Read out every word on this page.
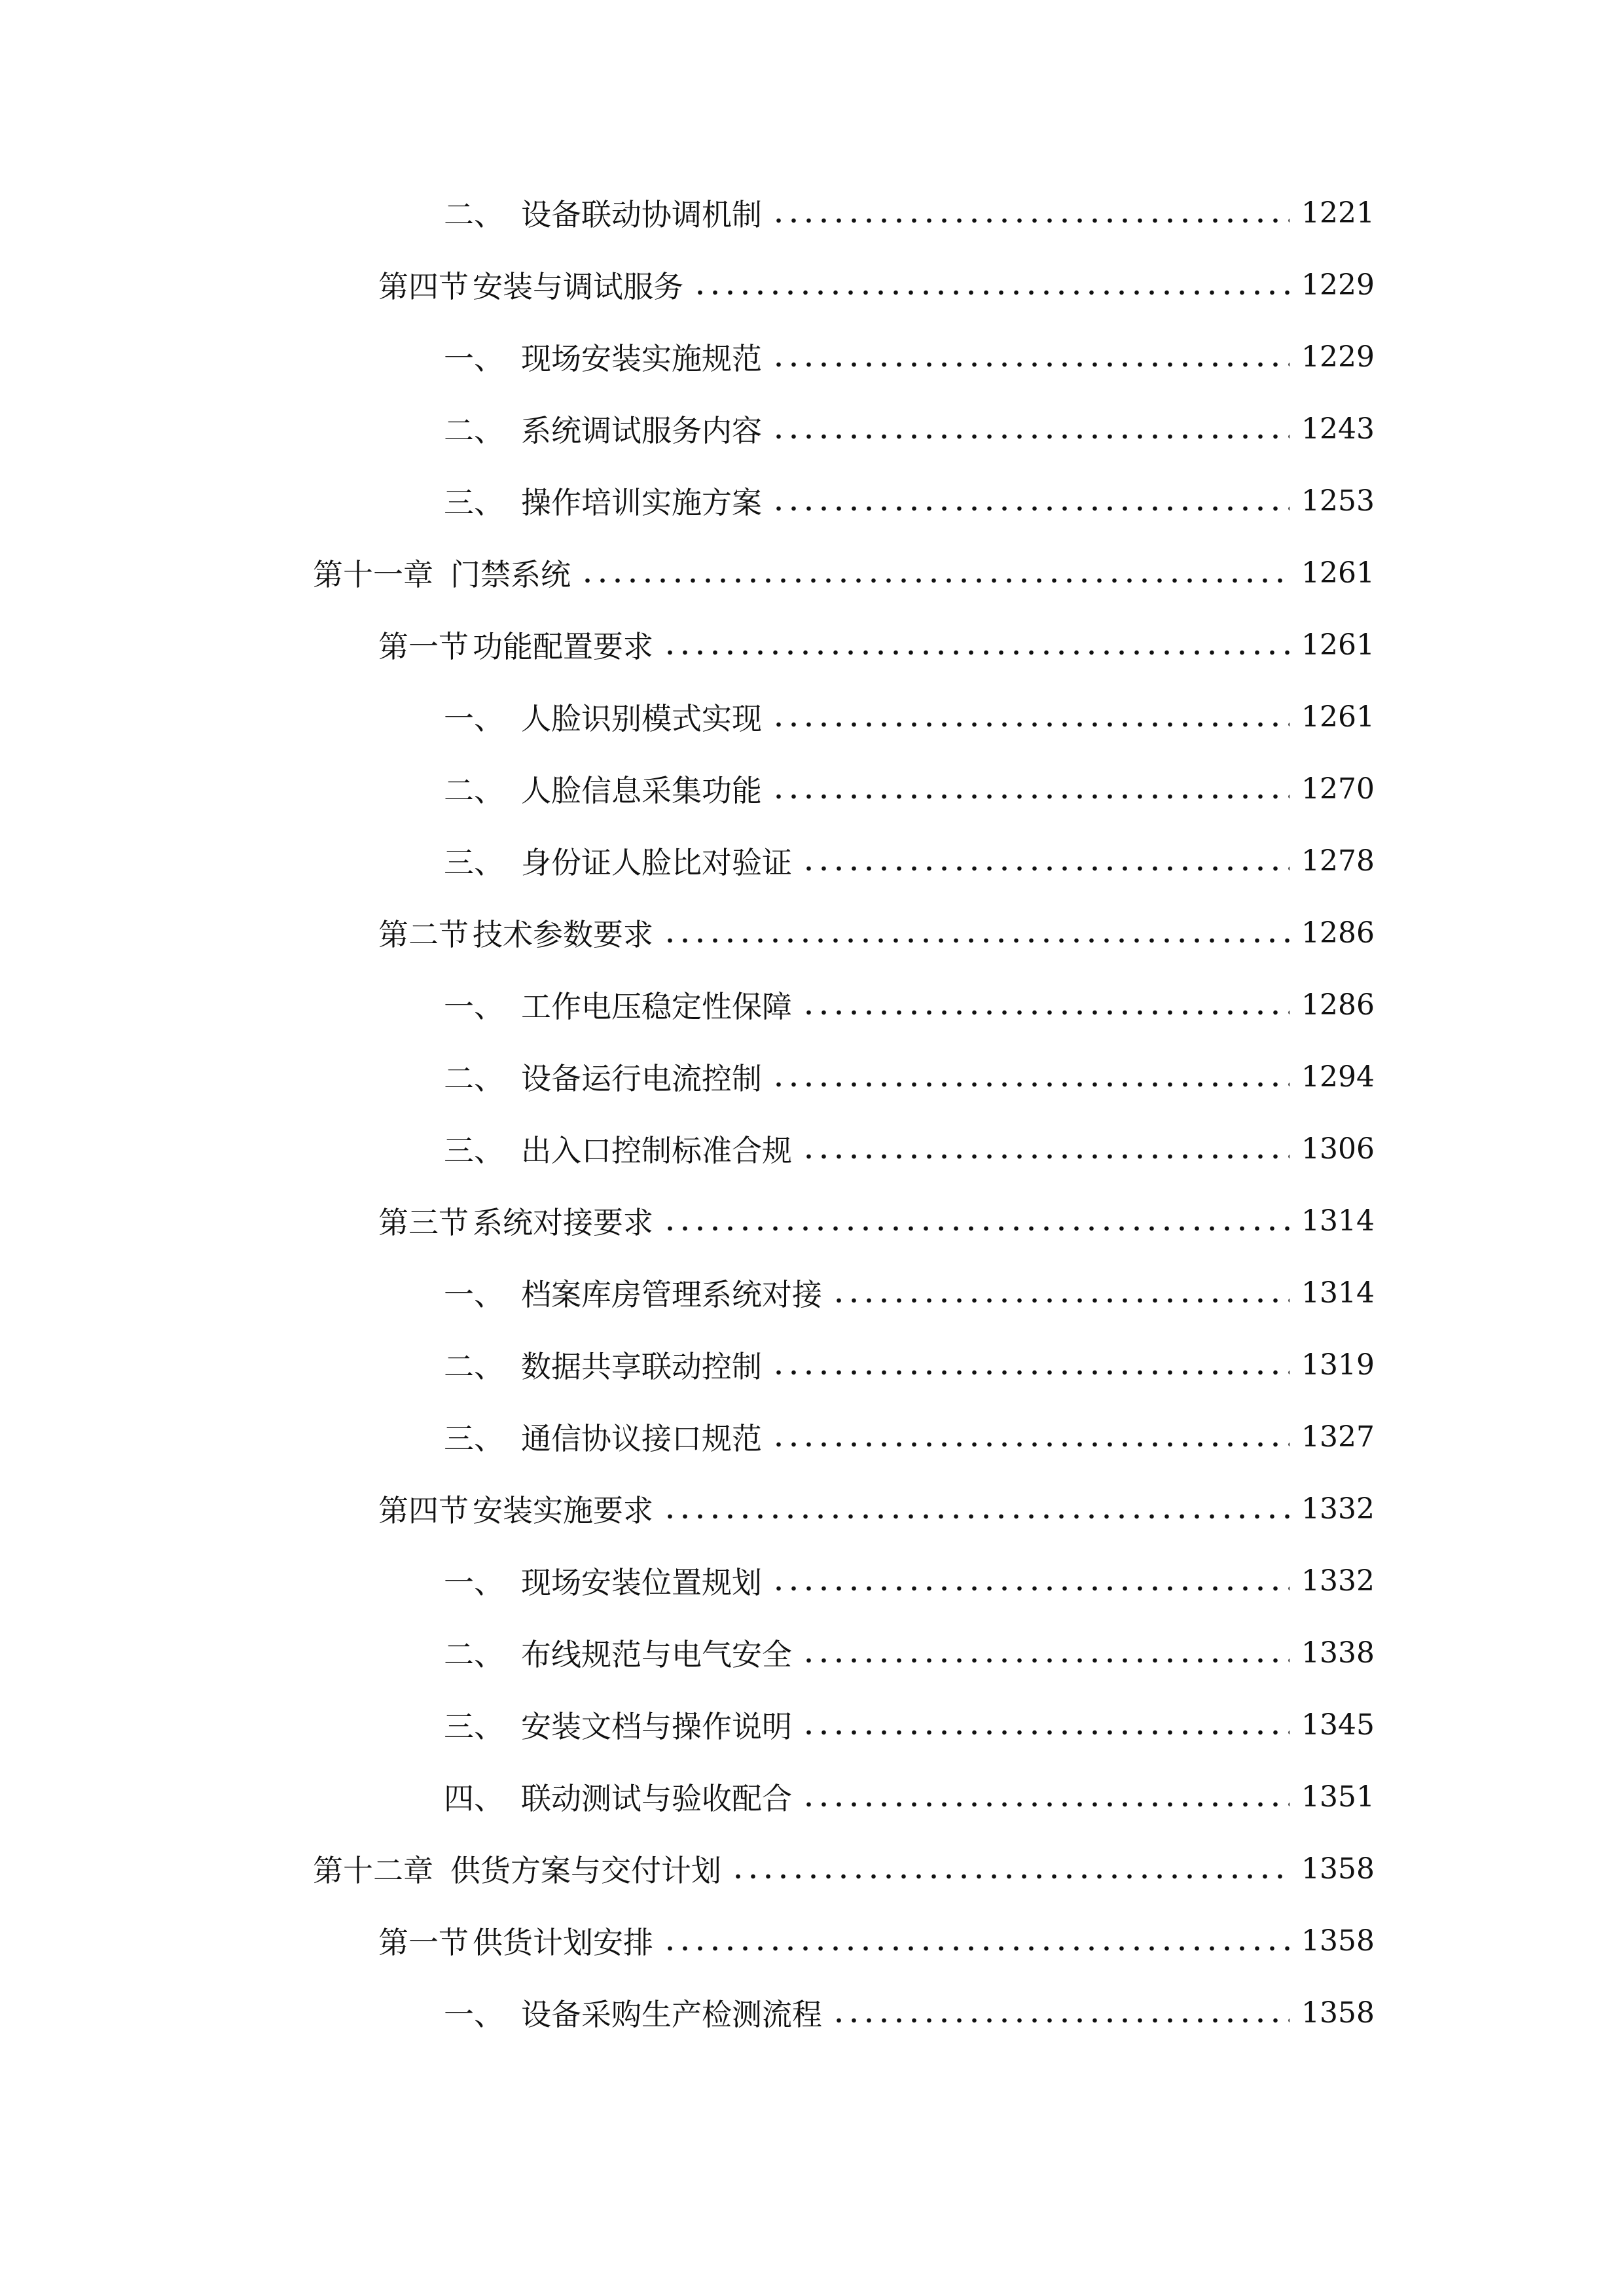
二、 设备联动协调机制	1221
第四节 安装与调试服务	1229
一、 现场安装实施规范	1229
二、 系统调试服务内容	1243
三、 操作培训实施方案	1253
第十一章 门禁系统	1261
第一节 功能配置要求	1261
一、 人脸识别模式实现	1261
二、 人脸信息采集功能	1270
三、 身份证人脸比对验证	1278
第二节 技术参数要求	1286
一、 工作电压稳定性保障	1286
二、 设备运行电流控制	1294
三、 出入口控制标准合规	1306
第三节 系统对接要求	1314
一、 档案库房管理系统对接	1314
二、 数据共享联动控制	1319
三、 通信协议接口规范	1327
第四节 安装实施要求	1332
一、 现场安装位置规划	1332
二、 布线规范与电气安全	1338
三、 安装文档与操作说明	1345
四、 联动测试与验收配合	1351
第十二章 供货方案与交付计划	1358
第一节 供货计划安排	1358
一、 设备采购生产检测流程	1358
